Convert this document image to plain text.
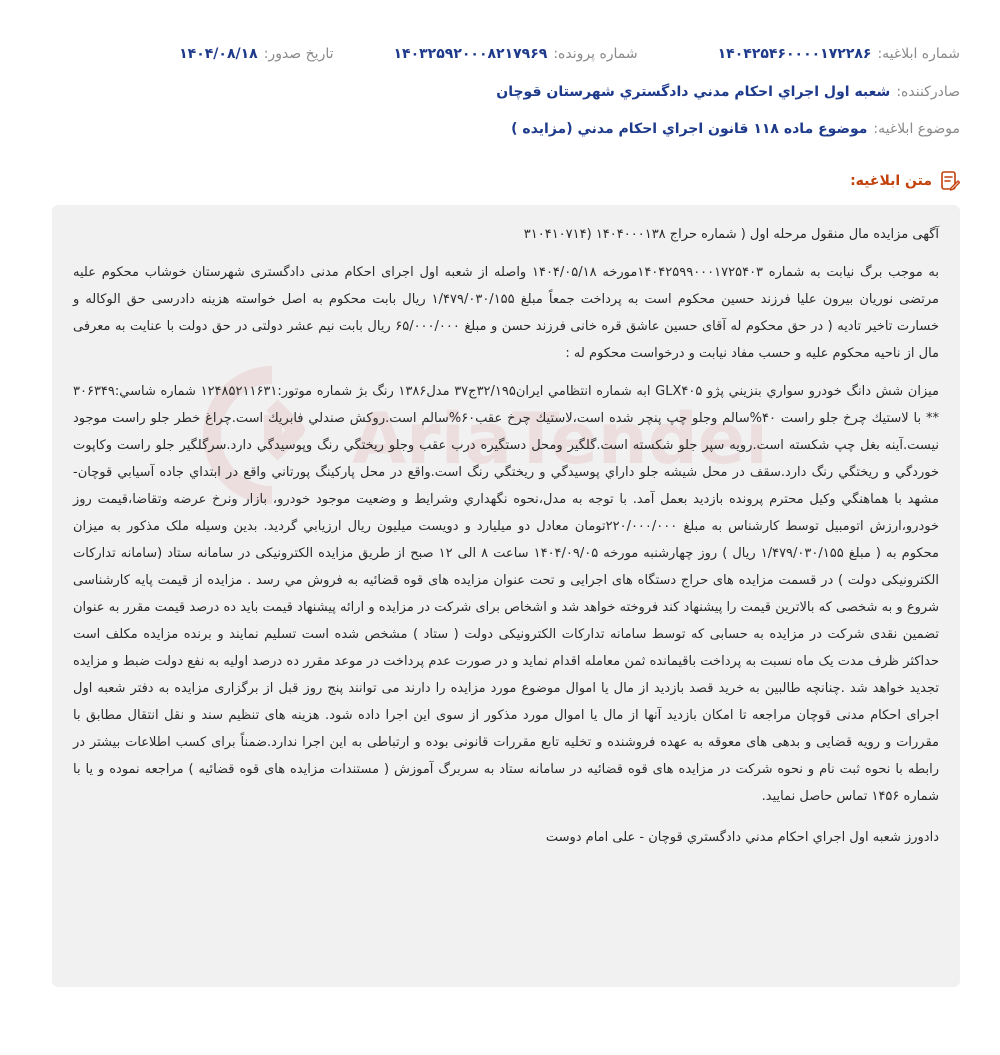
شماره ابلاغیه:
۱۴۰۴۲۵۴۶۰۰۰۰۱۷۲۲۸۶
شماره پرونده:
۱۴۰۳۲۵۹۲۰۰۰۸۲۱۷۹۶۹
تاریخ صدور:
۱۴۰۴/۰۸/۱۸
صادرکننده:
شعبه اول اجراي احكام مدني دادگستري شهرستان قوچان
موضوع ابلاغیه:
موضوع ماده ۱۱۸ قانون اجراي احكام مدني (مزايده )
متن ابلاغیه:
AriaTender

آگهی مزایده مال منقول مرحله اول ( شماره حراج ۱۴۰۴۰۰۰۱۳۸ (۳۱۰۴۱۰۷۱۴

به موجب برگ نیابت به شماره ۱۴۰۴۲۵۹۹۰۰۰۱۷۲۵۴۰۳مورخه ۱۴۰۴/۰۵/۱۸ واصله از شعبه اول اجرای احکام مدنی دادگستری شهرستان خوشاب محکوم علیه مرتضی نوریان بیرون علیا فرزند حسین محکوم است به پرداخت جمعاً مبلغ ۱/۴۷۹/۰۳۰/۱۵۵ ریال بابت محکوم به اصل خواسته هزینه دادرسی حق الوکاله و خسارت تاخیر تادیه ( در حق محکوم له آقای حسین عاشق قره خانی فرزند حسن و مبلغ ۶۵/۰۰۰/۰۰۰ ریال بابت نیم عشر دولتی در حق دولت با عنایت به معرفی مال از ناحیه محکوم علیه و حسب مفاد نیابت و درخواست محکوم له :

میزان شش دانگ خودرو سواري بنزيني پژو GLX۴۰۵ ابه شماره انتظامي ايران۳۲/۱۹۵ج۳۷ مدل۱۳۸۶ رنگ بژ شماره موتور:۱۲۴۸۵۲۱۱۶۳۱ شماره شاسي:۳۰۶۳۴۹ ** با لاستيك چرخ جلو راست ۴۰%سالم وجلو چپ پنچر شده است،لاستيك چرخ عقب۶۰%سالم است.روكش صندلي فابريك است.چراغ خطر جلو راست موجود نيست.آينه بغل چپ شكسته است.رويه سپر جلو شكسته است.گلگير ومحل دستگيره درب عقب وجلو ريختگي رنگ وپوسيدگي دارد.سرگلگير جلو راست وكاپوت خوردگي و ريختگي رنگ دارد.سقف در محل شيشه جلو داراي پوسيدگي و ريختگي رنگ است.واقع در محل پاركينگ پورتاني واقع در ابتداي جاده آسيابي قوچان-مشهد با هماهنگي وكيل محترم پرونده بازديد بعمل آمد. با توجه به مدل،نحوه نگهداري وشرايط و وضعيت موجود خودرو، بازار ونرخ عرضه وتقاضا،قيمت روز خودرو،ارزش اتومبيل توسط كارشناس به مبلغ ۲۲۰/۰۰۰/۰۰۰تومان معادل دو ميليارد و دويست ميليون ريال ارزيابي گرديد. بدین وسیله ملک مذکور به میزان محکوم به ( مبلغ ۱/۴۷۹/۰۳۰/۱۵۵ ریال ) روز چهارشنبه مورخه ۱۴۰۴/۰۹/۰۵ ساعت ۸ الی ۱۲ صبح از طریق مزایده الکترونیکی در سامانه ستاد (سامانه تدارکات الکترونیکی دولت ) در قسمت مزایده های حراج دستگاه های اجرایی و تحت عنوان مزایده های قوه قضائیه به فروش مي رسد . مزایده از قیمت پایه کارشناسی شروع و به شخصی که بالاترین قیمت را پیشنهاد کند فروخته خواهد شد و اشخاص برای شرکت در مزایده و ارائه پیشنهاد قیمت باید ده درصد قیمت مقرر به عنوان تضمین نقدی شرکت در مزایده به حسابی که توسط سامانه تدارکات الکترونیکی دولت ( ستاد ) مشخص شده است تسلیم نمایند و برنده مزایده مکلف است حداکثر ظرف مدت یک ماه نسبت به پرداخت باقیمانده ثمن معامله اقدام نماید و در صورت عدم پرداخت در موعد مقرر ده درصد اولیه به نفع دولت ضبط و مزایده تجدید خواهد شد .چنانچه طالبین به خرید قصد بازدید از مال یا اموال موضوع مورد مزایده را دارند می توانند پنج روز قبل از برگزاری مزایده به دفتر شعبه اول اجرای احکام مدنی قوچان مراجعه تا امکان بازدید آنها از مال یا اموال مورد مذکور از سوی این اجرا داده شود. هزینه های تنظیم سند و نقل انتقال مطابق با مقررات و رویه قضایی و بدهی های معوقه به عهده فروشنده و تخلیه تابع مقررات قانونی بوده و ارتباطی به این اجرا ندارد.ضمناً برای کسب اطلاعات بیشتر در رابطه با نحوه ثبت نام و نحوه شرکت در مزایده های قوه قضائیه در سامانه ستاد به سربرگ آموزش ( مستندات مزایده های قوه قضائیه ) مراجعه نموده و یا با شماره ۱۴۵۶ تماس حاصل نمایید.

دادورز شعبه اول اجراي احكام مدني دادگستري قوچان - علی امام دوست
